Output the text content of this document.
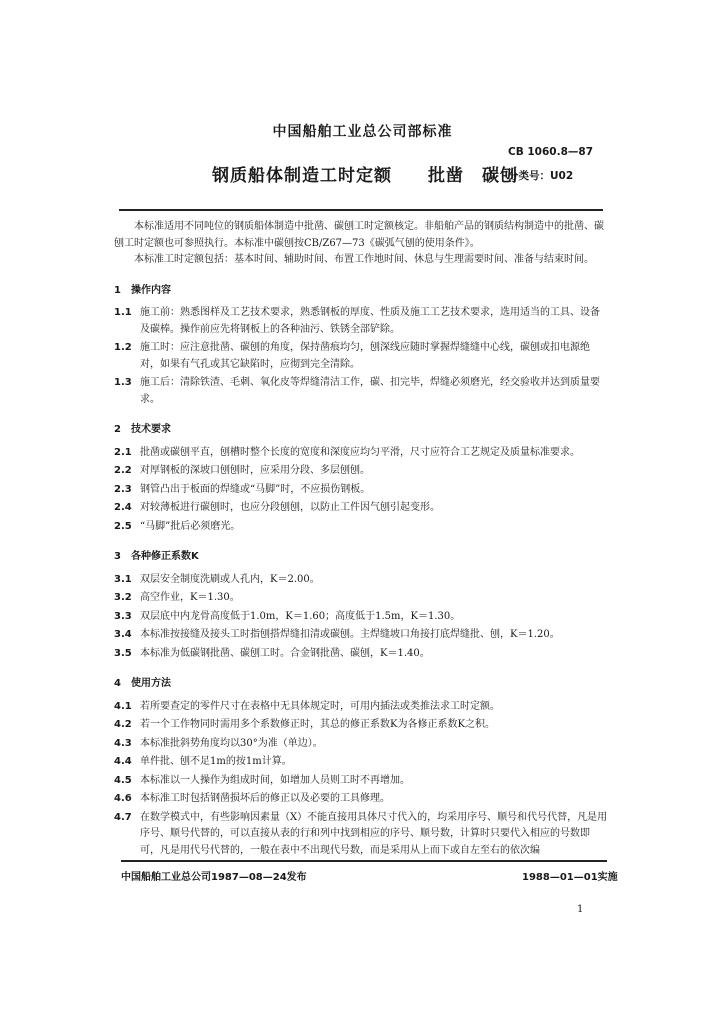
中国船舶工业总公司部标准
CB 1060.8—87
钢质船体制造工时定额　　批凿　碳刨
分类号：U02

本标准适用不同吨位的钢质船体制造中批凿、碳刨工时定额核定。非船舶产品的钢质结构制造中的批凿、碳刨工时定额也可参照执行。本标准中碳刨按CB/Z67—73《碳弧气刨的使用条件》。

本标准工时定额包括：基本时间、辅助时间、布置工作地时间、休息与生理需要时间、准备与结束时间。

1　操作内容
1.1 施工前：熟悉图样及工艺技术要求，熟悉钢板的厚度、性质及施工工艺技术要求，选用适当的工具、设备及碳棒。操作前应先将钢板上的各种油污、铁锈全部铲除。
1.2 施工时：应注意批凿、碳刨的角度，保持凿痕均匀，刨深线应随时掌握焊缝缝中心线，碳刨或扣电源绝对，如果有气孔或其它缺陷时，应彻到完全清除。
1.3 施工后：清除铁渣、毛刺、氧化皮等焊缝清洁工作，碳、扣完毕，焊缝必须磨光，经交验收并达到质量要求。
2　技术要求
2.1 批凿或碳刨平直，刨槽时整个长度的宽度和深度应均匀平滑，尺寸应符合工艺规定及质量标准要求。
2.2 对厚钢板的深坡口刨刨时，应采用分段、多层刨刨。
2.3 钢管凸出于板面的焊缝或“马脚”时，不应损伤钢板。
2.4 对较薄板进行碳刨时，也应分段刨刨，以防止工件因气刨引起变形。
2.5 “马脚”批后必须磨光。
3　各种修正系数K
3.1 双层安全制度洗刷或人孔内，K＝2.00。
3.2 高空作业，K＝1.30。
3.3 双层底中内龙骨高度低于1.0m，K＝1.60；高度低于1.5m，K＝1.30。
3.4 本标准按接缝及接头工时指刨搭焊缝扣清或碳刨。主焊缝坡口角接打底焊缝批、刨，K＝1.20。
3.5 本标准为低碳钢批凿、碳刨工时。合金钢批凿、碳刨，K＝1.40。
4　使用方法
4.1 若所要查定的零件尺寸在表格中无具体规定时，可用内插法或类推法求工时定额。
4.2 若一个工作物同时需用多个系数修正时，其总的修正系数K为各修正系数K之积。
4.3 本标准批斜势角度均以30°为准（单边）。
4.4 单件批、刨不足1m的按1m计算。
4.5 本标准以一人操作为组成时间，如增加人员则工时不再增加。
4.6 本标准工时包括钢凿损坏后的修正以及必要的工具修理。
4.7 在数学模式中，有些影响因素量（X）不能直接用具体尺寸代入的，均采用序号、顺号和代号代替，凡是用序号、顺号代替的，可以直接从表的行和列中找到相应的序号、顺号数，计算时只要代入相应的号数即可，凡是用代号代替的，一般在表中不出现代号数，而是采用从上而下或自左至右的依次编
中国船舶工业总公司1987—08—24发布	1988—01—01实施
1
